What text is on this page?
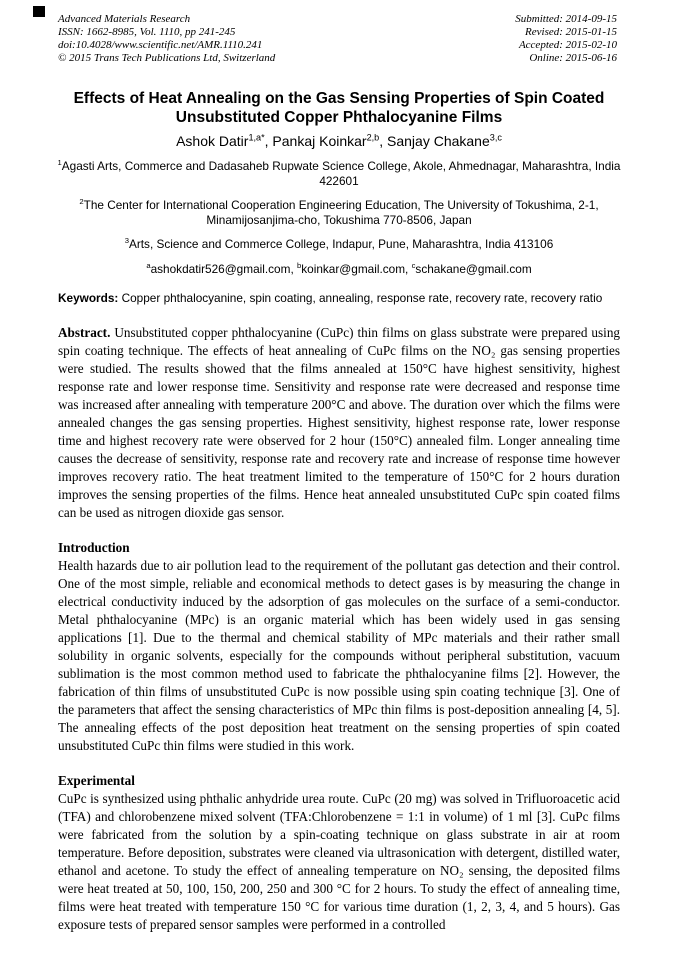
Advanced Materials Research
ISSN: 1662-8985, Vol. 1110, pp 241-245
doi:10.4028/www.scientific.net/AMR.1110.241
© 2015 Trans Tech Publications Ltd, Switzerland
Submitted: 2014-09-15
Revised: 2015-01-15
Accepted: 2015-02-10
Online: 2015-06-16
Effects of Heat Annealing on the Gas Sensing Properties of Spin Coated Unsubstituted Copper Phthalocyanine Films
Ashok Datir$^{1,a*}$, Pankaj Koinkar$^{2,b}$, Sanjay Chakane$^{3,c}$
$^1$Agasti Arts, Commerce and Dadasaheb Rupwate Science College, Akole, Ahmednagar, Maharashtra, India 422601
$^2$The Center for International Cooperation Engineering Education, The University of Tokushima, 2-1, Minamijosanjima-cho, Tokushima 770-8506, Japan
$^3$Arts, Science and Commerce College, Indapur, Pune, Maharashtra, India 413106
$^a$ashokdatir526@gmail.com, $^b$koinkar@gmail.com, $^c$schakane@gmail.com

Keywords: Copper phthalocyanine, spin coating, annealing, response rate, recovery rate, recovery ratio

Abstract. Unsubstituted copper phthalocyanine (CuPc) thin films on glass substrate were prepared using spin coating technique. The effects of heat annealing of CuPc films on the NO₂ gas sensing properties were studied. The results showed that the films annealed at 150°C have highest sensitivity, highest response rate and lower response time. Sensitivity and response rate were decreased and response time was increased after annealing with temperature 200°C and above. The duration over which the films were annealed changes the gas sensing properties. Highest sensitivity, highest response rate, lower response time and highest recovery rate were observed for 2 hour (150°C) annealed film. Longer annealing time causes the decrease of sensitivity, response rate and recovery rate and increase of response time however improves recovery ratio. The heat treatment limited to the temperature of 150°C for 2 hours duration improves the sensing properties of the films. Hence heat annealed unsubstituted CuPc spin coated films can be used as nitrogen dioxide gas sensor.

Introduction

Health hazards due to air pollution lead to the requirement of the pollutant gas detection and their control. One of the most simple, reliable and economical methods to detect gases is by measuring the change in electrical conductivity induced by the adsorption of gas molecules on the surface of a semi-conductor. Metal phthalocyanine (MPc) is an organic material which has been widely used in gas sensing applications [1]. Due to the thermal and chemical stability of MPc materials and their rather small solubility in organic solvents, especially for the compounds without peripheral substitution, vacuum sublimation is the most common method used to fabricate the phthalocyanine films [2]. However, the fabrication of thin films of unsubstituted CuPc is now possible using spin coating technique [3]. One of the parameters that affect the sensing characteristics of MPc thin films is post-deposition annealing [4, 5]. The annealing effects of the post deposition heat treatment on the sensing properties of spin coated unsubstituted CuPc thin films were studied in this work.

Experimental

CuPc is synthesized using phthalic anhydride urea route. CuPc (20 mg) was solved in Trifluoroacetic acid (TFA) and chlorobenzene mixed solvent (TFA:Chlorobenzene = 1:1 in volume) of 1 ml [3]. CuPc films were fabricated from the solution by a spin-coating technique on glass substrate in air at room temperature. Before deposition, substrates were cleaned via ultrasonication with detergent, distilled water, ethanol and acetone. To study the effect of annealing temperature on NO₂ sensing, the deposited films were heat treated at 50, 100, 150, 200, 250 and 300 °C for 2 hours. To study the effect of annealing time, films were heat treated with temperature 150 °C for various time duration (1, 2, 3, 4, and 5 hours). Gas exposure tests of prepared sensor samples were performed in a controlled
